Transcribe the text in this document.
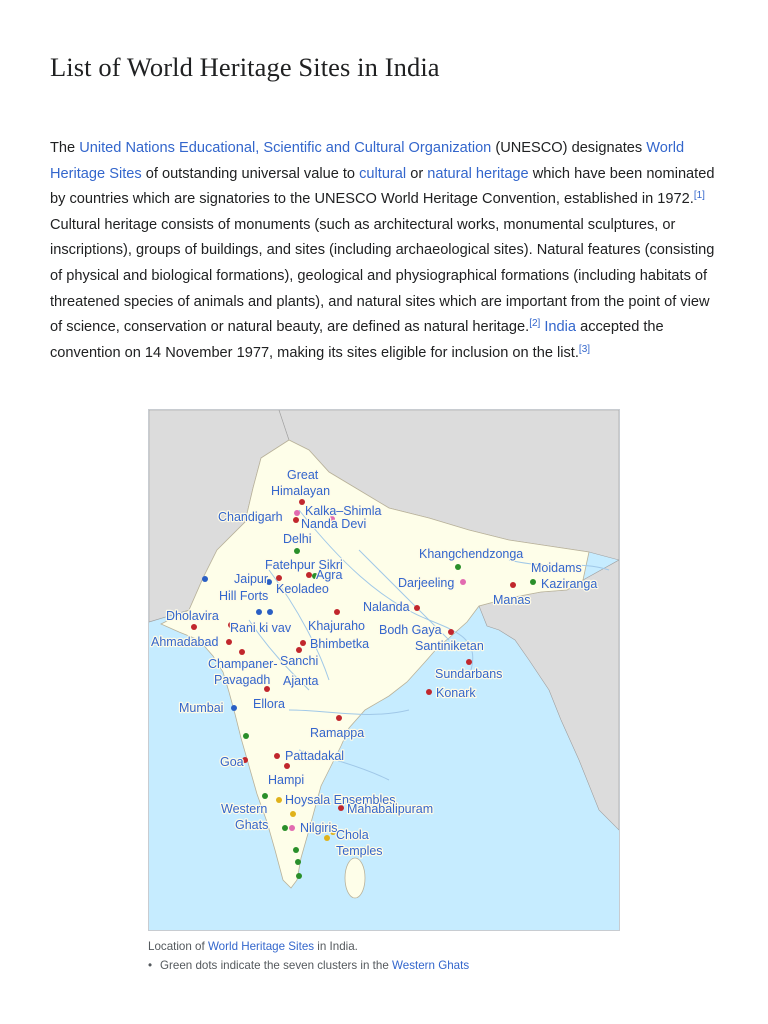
List of World Heritage Sites in India

The United Nations Educational, Scientific and Cultural Organization (UNESCO) designates World Heritage Sites of outstanding universal value to cultural or natural heritage which have been nominated by countries which are signatories to the UNESCO World Heritage Convention, established in 1972.[1] Cultural heritage consists of monuments (such as architectural works, monumental sculptures, or inscriptions), groups of buildings, and sites (including archaeological sites). Natural features (consisting of physical and biological formations), geological and physiographical formations (including habitats of threatened species of animals and plants), and natural sites which are important from the point of view of science, conservation or natural beauty, are defined as natural heritage.[2] India accepted the convention on 14 November 1977, making its sites eligible for inclusion on the list.[3]

Great
Himalayan
Kalka–Shimla
Chandigarh Nanda Devi
Delhi
Fatehpur Sikri
Agra
Jaipur
Keoladeo
Hill Forts
Khangchendzonga
Moidams
Darjeeling	Kaziranga
Manas
Nalanda
Dholavira
Rani ki vav Khajuraho Bodh Gaya
Ahmadabad	Bhimbetka	Santiniketan
Champaner- Sanchi
Sundarbans
Pavagadh Ajanta
Konark
Ellora
Mumbai
Ramappa
Pattadakal
Goa
Hampi
Hoysala Ensembles
Mahabalipuram
Western
Ghats	Nilgiris
Chola
Temples

Location of World Heritage Sites in India.

• Green dots indicate the seven clusters in the Western Ghats
